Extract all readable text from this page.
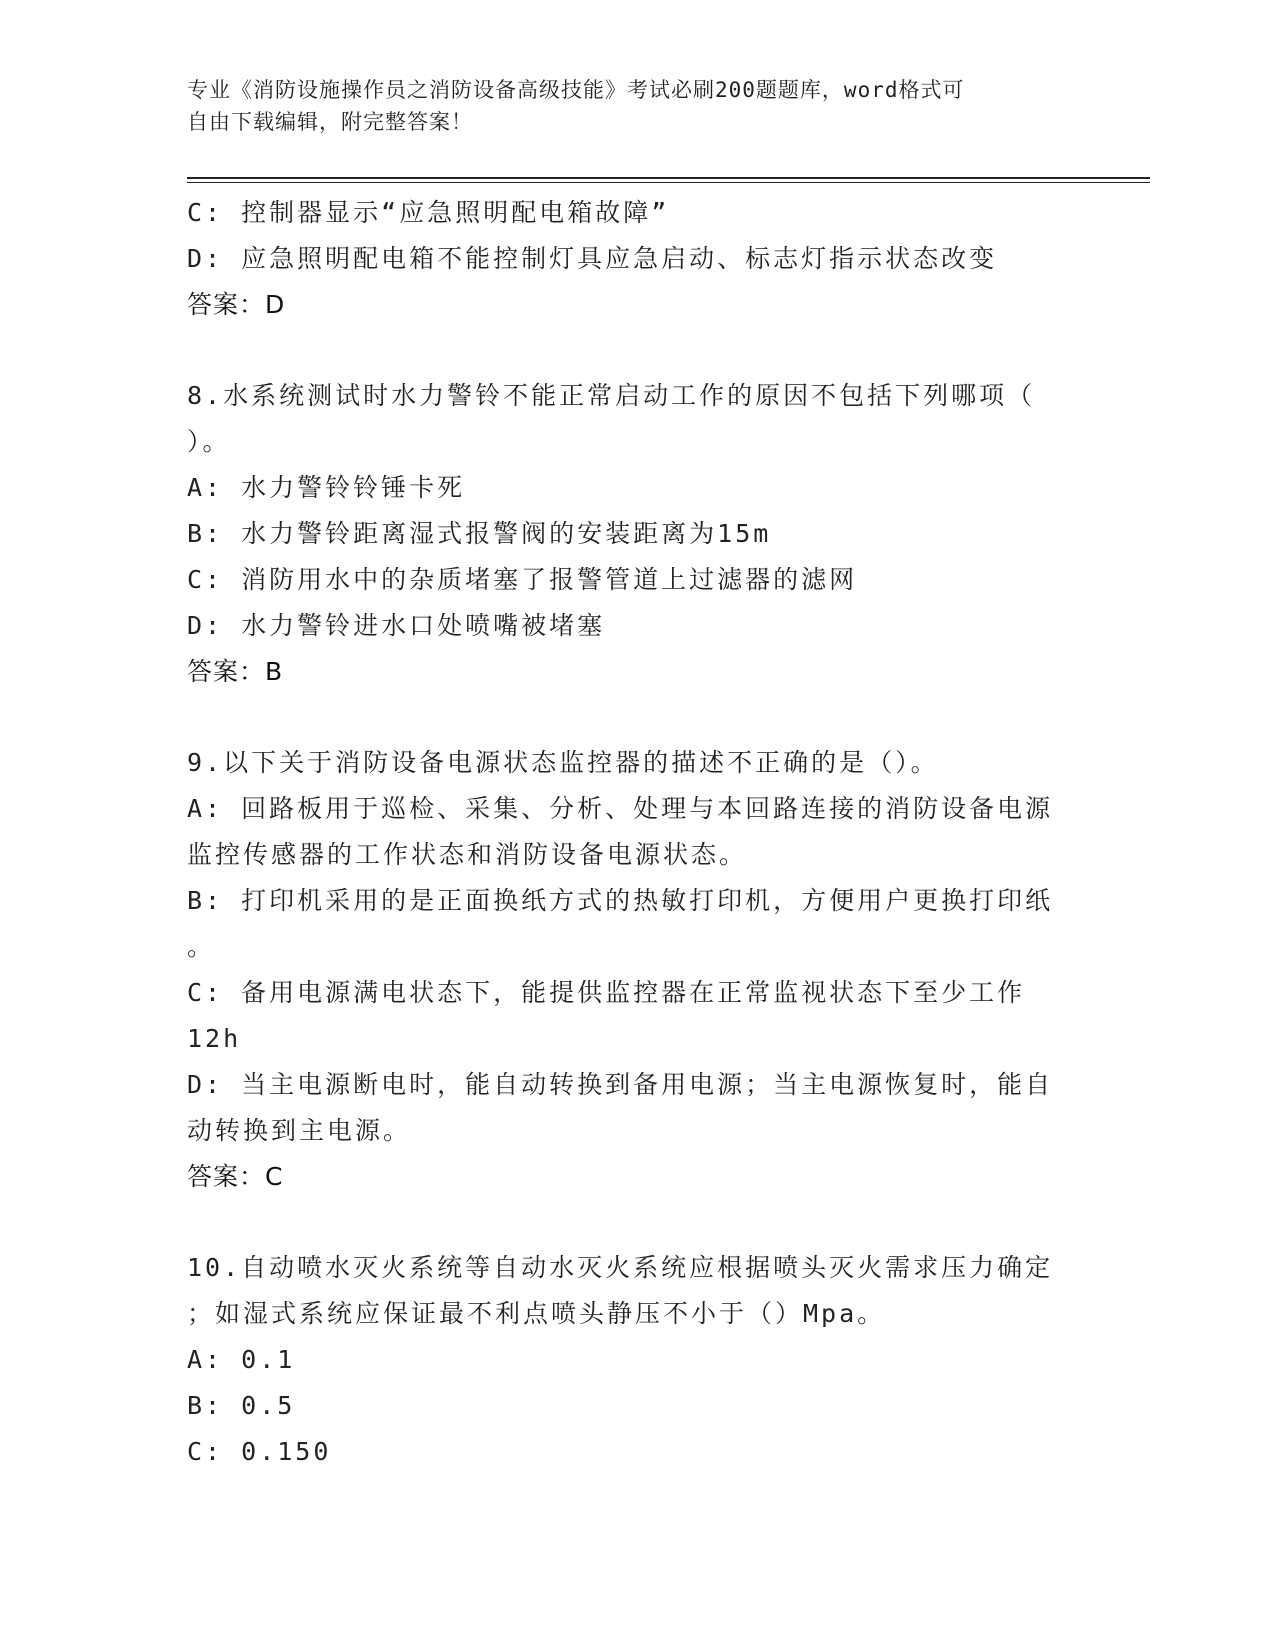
专业《消防设施操作员之消防设备高级技能》考试必刷200题题库，word格式可
自由下载编辑，附完整答案！
C: 控制器显示“应急照明配电箱故障”
D: 应急照明配电箱不能控制灯具应急启动、标志灯指示状态改变
答案：D
8.水系统测试时水力警铃不能正常启动工作的原因不包括下列哪项（
）。
A: 水力警铃铃锤卡死
B: 水力警铃距离湿式报警阀的安装距离为15m
C: 消防用水中的杂质堵塞了报警管道上过滤器的滤网
D: 水力警铃进水口处喷嘴被堵塞
答案：B
9.以下关于消防设备电源状态监控器的描述不正确的是（）。
A: 回路板用于巡检、采集、分析、处理与本回路连接的消防设备电源
监控传感器的工作状态和消防设备电源状态。
B: 打印机采用的是正面换纸方式的热敏打印机，方便用户更换打印纸
。
C: 备用电源满电状态下，能提供监控器在正常监视状态下至少工作
12h
D: 当主电源断电时，能自动转换到备用电源；当主电源恢复时，能自
动转换到主电源。
答案：C
10.自动喷水灭火系统等自动水灭火系统应根据喷头灭火需求压力确定
；如湿式系统应保证最不利点喷头静压不小于（）Mpa。
A: 0.1
B: 0.5
C: 0.150
